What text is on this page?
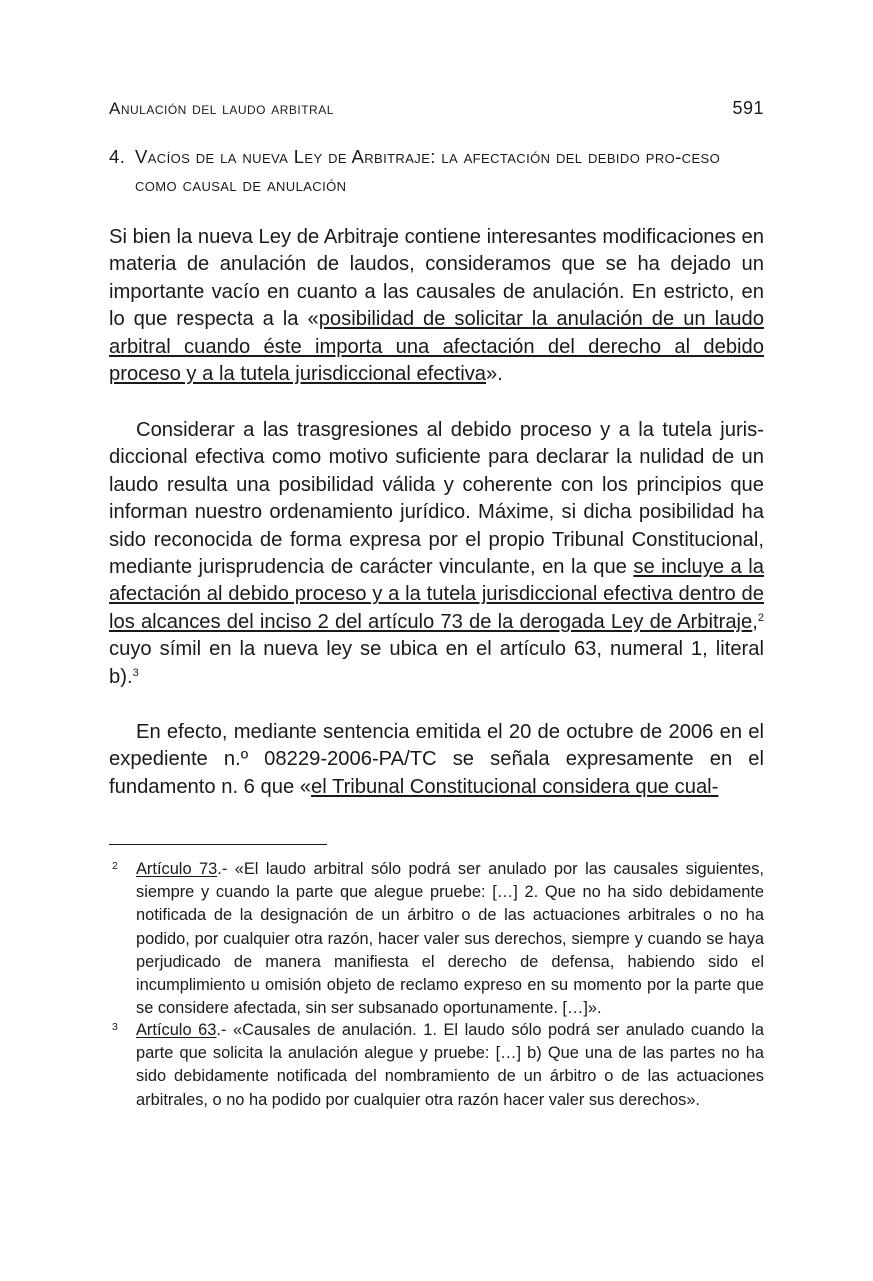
Anulación del laudo arbitral	591
4. Vacíos de la nueva Ley de Arbitraje: la afectación del debido pro-ceso como causal de anulación

Si bien la nueva Ley de Arbitraje contiene interesantes modificaciones en materia de anulación de laudos, consideramos que se ha dejado un importante vacío en cuanto a las causales de anulación. En estricto, en lo que respecta a la «posibilidad de solicitar la anulación de un laudo arbitral cuando éste importa una afectación del derecho al debido proceso y a la tutela jurisdiccional efectiva».

Considerar a las trasgresiones al debido proceso y a la tutela jurisdiccional efectiva como motivo suficiente para declarar la nulidad de un laudo resulta una posibilidad válida y coherente con los principios que informan nuestro ordenamiento jurídico. Máxime, si dicha posibilidad ha sido reconocida de forma expresa por el propio Tribunal Constitucional, mediante jurisprudencia de carácter vinculante, en la que se incluye a la afectación al debido proceso y a la tutela jurisdiccional efectiva dentro de los alcances del inciso 2 del artículo 73 de la derogada Ley de Arbitraje,$^2$ cuyo símil en la nueva ley se ubica en el artículo 63, numeral 1, literal b).$^3$

En efecto, mediante sentencia emitida el 20 de octubre de 2006 en el expediente n.º 08229-2006-PA/TC se señala expresamente en el fundamento n. 6 que «el Tribunal Constitucional considera que cual-

2 Artículo 73.- «El laudo arbitral sólo podrá ser anulado por las causales siguientes, siempre y cuando la parte que alegue pruebe: […] 2. Que no ha sido debidamente notificada de la designación de un árbitro o de las actuaciones arbitrales o no ha podido, por cualquier otra razón, hacer valer sus derechos, siempre y cuando se haya perjudicado de manera manifiesta el derecho de defensa, habiendo sido el incumplimiento u omisión objeto de reclamo expreso en su momento por la parte que se considere afectada, sin ser subsanado oportunamente. […]».
3 Artículo 63.- «Causales de anulación. 1. El laudo sólo podrá ser anulado cuando la parte que solicita la anulación alegue y pruebe: […] b) Que una de las partes no ha sido debidamente notificada del nombramiento de un árbitro o de las actuaciones arbitrales, o no ha podido por cualquier otra razón hacer valer sus derechos».
